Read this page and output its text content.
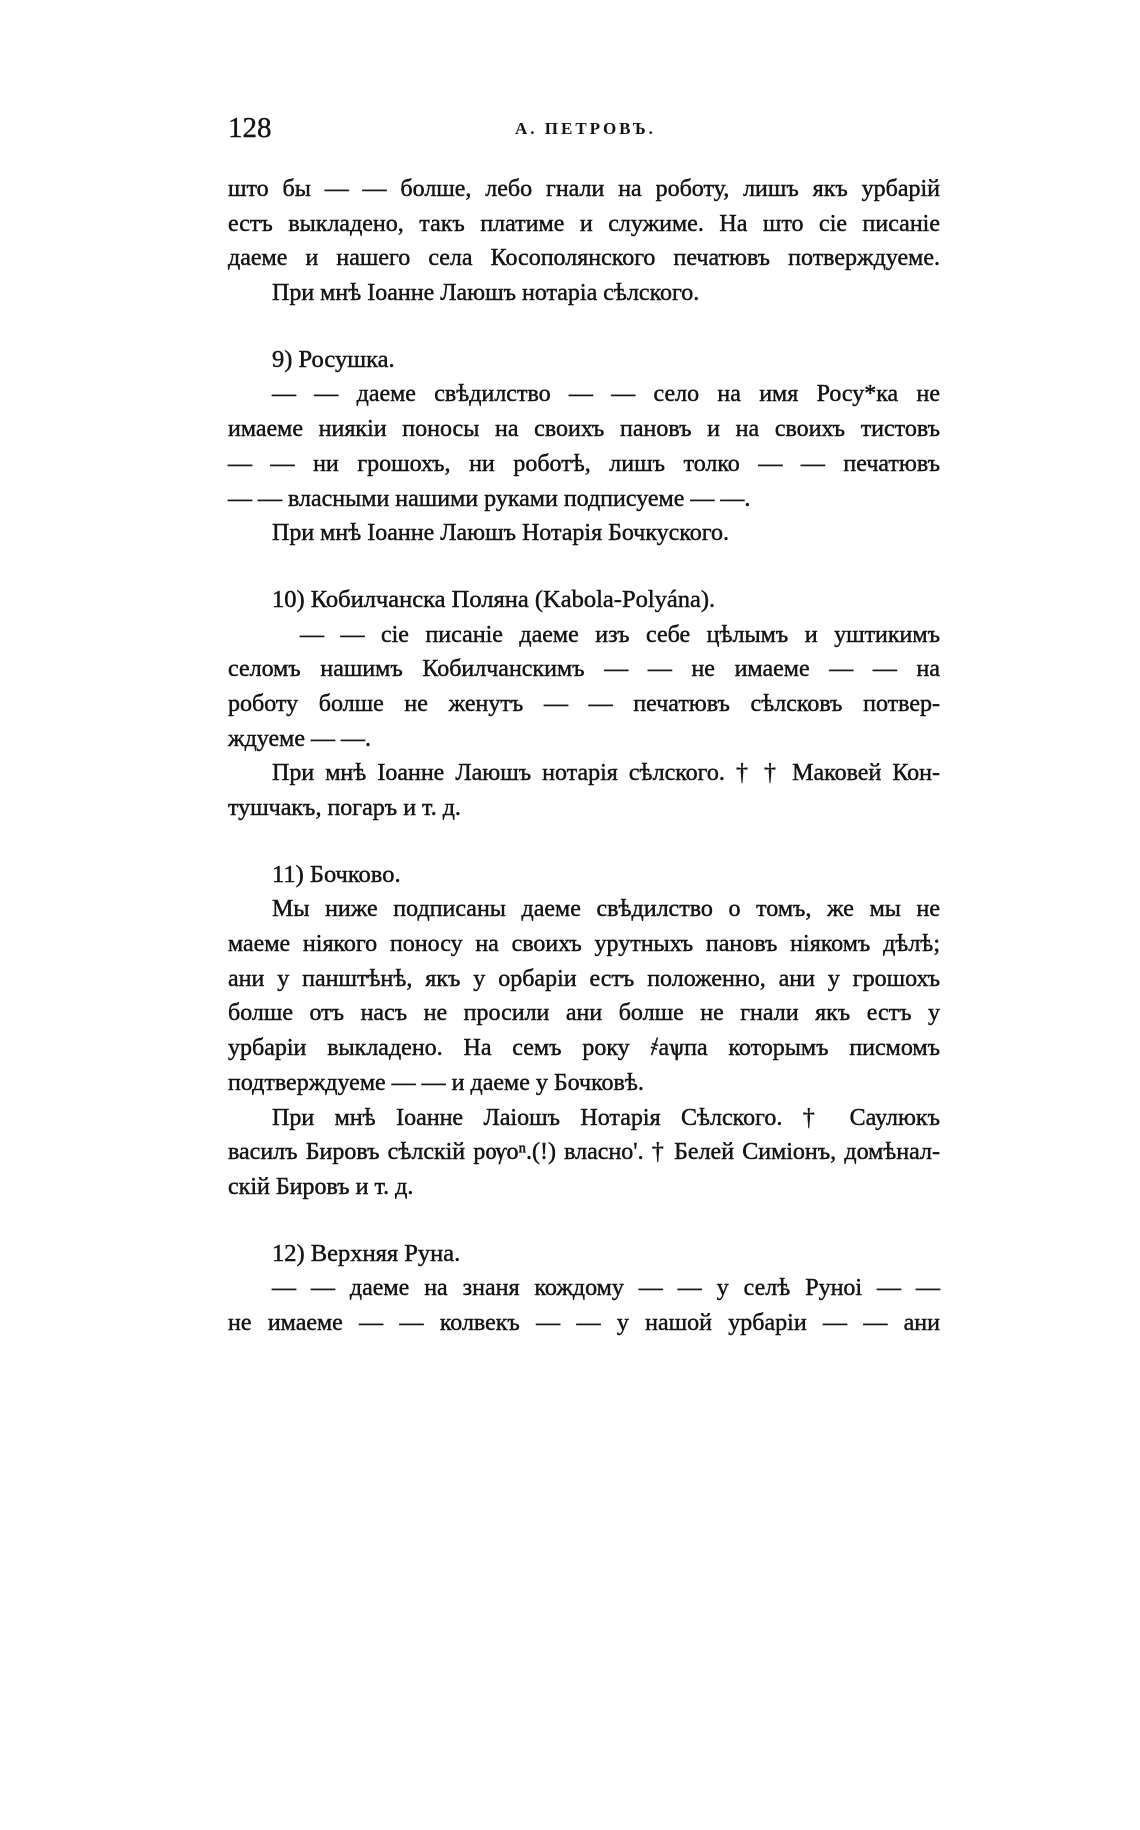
128	А. ПЕТРОВЪ.
што бы — — болше, лебо гнали на роботу, лишъ якъ урбарій
естъ выкладено, такъ платиме и служиме. На што сіе писаніе
даеме и нашего села Косополянского печатювъ потверждуеме.
При мнѣ Іоанне Лаюшъ нотаріа сѣлского.
9) Росушка.
— — даеме свѣдилство — — село на имя Росу*ка не
имаеме ниякіи поносы на своихъ пановъ и на своихъ тистовъ
— — ни грошохъ, ни роботѣ, лишъ толко — — печатювъ
— — власными нашими руками подписуеме — —.
При мнѣ Іоанне Лаюшъ Нотарія Бочкуского.
10) Кобилчанска Поляна (Kabola-Polyána).
— — сіе писаніе даеме изъ себе цѣлымъ и уштикимъ
селомъ нашимъ Кобилчанскимъ — — не имаеме — — на
роботу болше не женутъ — — печатювъ сѣлсковъ потвер-
ждуеме — —.
При мнѣ Іоанне Лаюшъ нотарія сѣлского. † † Маковей Кон-
тушчакъ, погаръ и т. д.
11) Бочково.
Мы ниже подписаны даеме свѣдилство о томъ, же мы не
маеме ніякого поносу на своихъ урутныхъ пановъ ніякомъ дѣлѣ;
ани у панштѣнѣ, якъ у орбаріи естъ положенно, ани у грошохъ
болше отъ насъ не просили ани болше не гнали якъ естъ у
урбаріи выкладено. На семъ року ҂аѱпа которымъ писмомъ
подтверждуеме — — и даеме у Бочковѣ.
При мнѣ Іоанне Лаіошъ Нотарія Сѣлского. † Саулюкъ
василъ Бировъ сѣлскій рѹоⁿ.(!) власно'. † Белей Симіонъ, домѣнал-
скій Бировъ и т. д.
12) Верхняя Руна.
— — даеме на знаня кождому — — у селѣ Руноі — —
не имаеме — — колвекъ — — у нашой урбаріи — — ани
